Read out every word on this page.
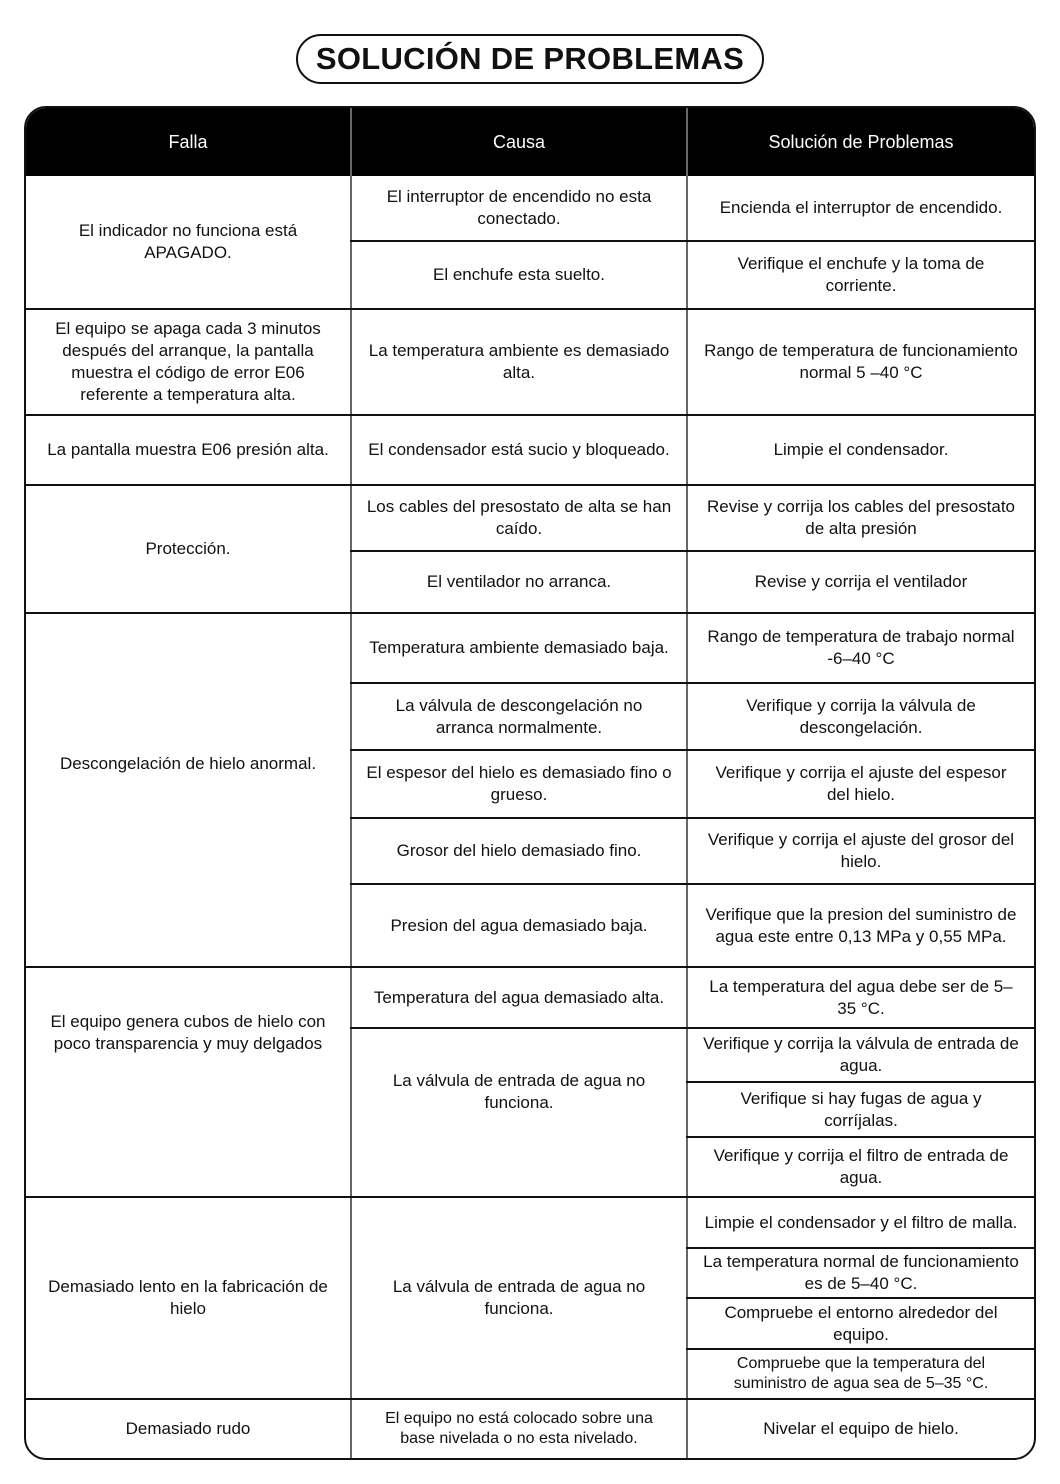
SOLUCIÓN DE PROBLEMAS
Falla	Causa	Solución de Problemas
El indicador no funciona está APAGADO.
El equipo se apaga cada 3 minutos después del arranque, la pantalla muestra el código de error E06 referente a temperatura alta.
La pantalla muestra E06 presión alta.
Protección.
Descongelación de hielo anormal.
El equipo genera cubos de hielo con poco transparencia y muy delgados
Demasiado lento en la fabricación de hielo
Demasiado rudo
El interruptor de encendido no esta conectado.
El enchufe esta suelto.
La temperatura ambiente es demasiado alta.
El condensador está sucio y bloqueado.
Los cables del presostato de alta se han caído.
El ventilador no arranca.
Temperatura ambiente demasiado baja.
La válvula de descongelación no arranca normalmente.
El espesor del hielo es demasiado fino o grueso.
Grosor del hielo demasiado fino.
Presion del agua demasiado baja.
Temperatura del agua demasiado alta.
La válvula de entrada de agua no funciona.
La válvula de entrada de agua no funciona.
El equipo no está colocado sobre una base nivelada o no esta nivelado.
Encienda el interruptor de encendido.
Verifique el enchufe y la toma de corriente.
Rango de temperatura de funcionamiento normal 5 –40 °C
Limpie el condensador.
Revise y corrija los cables del presostato de alta presión
Revise y corrija el ventilador
Rango de temperatura de trabajo normal -6–40 °C
Verifique y corrija la válvula de descongelación.
Verifique y corrija el ajuste del espesor del hielo.
Verifique y corrija el ajuste del grosor del hielo.
Verifique que la presion del suministro de agua este entre 0,13 MPa y 0,55 MPa.
La temperatura del agua debe ser de 5–35 °C.
Verifique y corrija la válvula de entrada de agua.
Verifique si hay fugas de agua y corríjalas.
Verifique y corrija el filtro de entrada de agua.
Limpie el condensador y el filtro de malla.
La temperatura normal de funcionamiento es de 5–40 °C.
Compruebe el entorno alrededor del equipo.
Compruebe que la temperatura del suministro de agua sea de 5–35 °C.
Nivelar el equipo de hielo.
